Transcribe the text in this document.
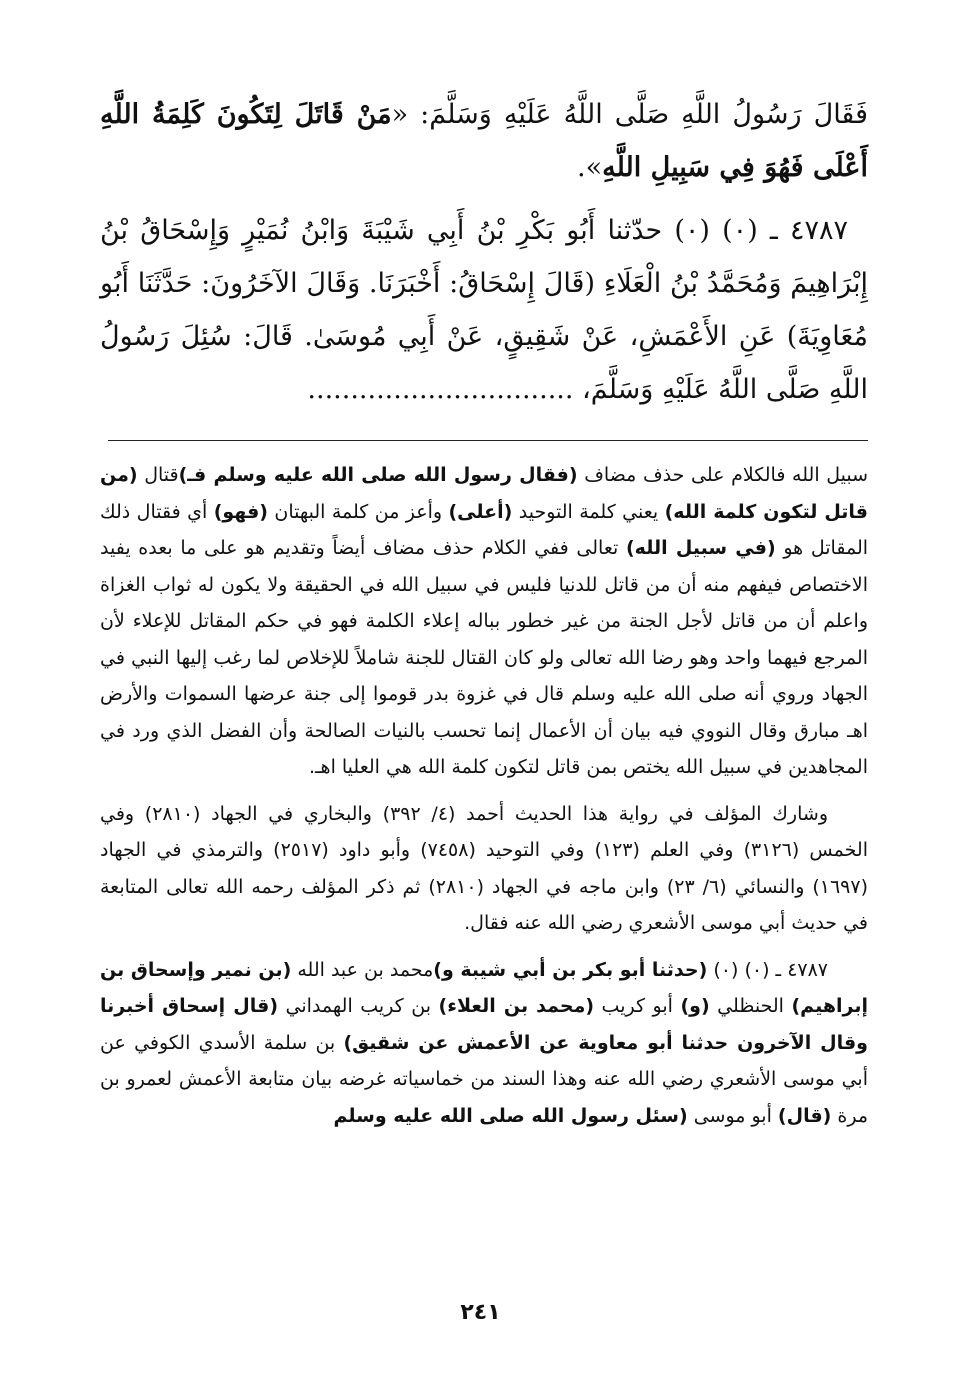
فَقَالَ رَسُولُ اللَّهِ صَلَّى اللَّهُ عَلَيْهِ وَسَلَّمَ: «مَنْ قَاتَلَ لِتَكُونَ كَلِمَةُ اللَّهِ أَعْلَى فَهُوَ فِي سَبِيلِ اللَّهِ».

٤٧٨٧ ـ (٠) (٠) حدّثنا أَبُو بَكْرِ بْنُ أَبِي شَيْبَةَ وَابْنُ نُمَيْرٍ وَإِسْحَاقُ بْنُ إِبْرَاهِيمَ وَمُحَمَّدُ بْنُ الْعَلَاءِ (قَالَ إِسْحَاقُ: أَخْبَرَنَا. وَقَالَ الآخَرُونَ: حَدَّثَنَا أَبُو مُعَاوِيَةَ) عَنِ الأَعْمَشِ، عَنْ شَقِيقٍ، عَنْ أَبِي مُوسَىٰ. قَالَ: سُئِلَ رَسُولُ اللَّهِ صَلَّى اللَّهُ عَلَيْهِ وَسَلَّمَ، ...............................

سبيل الله فالكلام على حذف مضاف (فقال رسول الله صلى الله عليه وسلم فـ)قتال (من قاتل لتكون كلمة الله) يعني كلمة التوحيد (أعلى) وأعز من كلمة البهتان (فهو) أي فقتال ذلك المقاتل هو (في سبيل الله) تعالى ففي الكلام حذف مضاف أيضاً وتقديم هو على ما بعده يفيد الاختصاص فيفهم منه أن من قاتل للدنيا فليس في سبيل الله في الحقيقة ولا يكون له ثواب الغزاة واعلم أن من قاتل لأجل الجنة من غير خطور بباله إعلاء الكلمة فهو في حكم المقاتل للإعلاء لأن المرجع فيهما واحد وهو رضا الله تعالى ولو كان القتال للجنة شاملاً للإخلاص لما رغب إليها النبي في الجهاد وروي أنه صلى الله عليه وسلم قال في غزوة بدر قوموا إلى جنة عرضها السموات والأرض اهـ مبارق وقال النووي فيه بيان أن الأعمال إنما تحسب بالنيات الصالحة وأن الفضل الذي ورد في المجاهدين في سبيل الله يختص بمن قاتل لتكون كلمة الله هي العليا اهـ.

وشارك المؤلف في رواية هذا الحديث أحمد (٤/ ٣٩٢) والبخاري في الجهاد (٢٨١٠) وفي الخمس (٣١٢٦) وفي العلم (١٢٣) وفي التوحيد (٧٤٥٨) وأبو داود (٢٥١٧) والترمذي في الجهاد (١٦٩٧) والنسائي (٦/ ٢٣) وابن ماجه في الجهاد (٢٨١٠) ثم ذكر المؤلف رحمه الله تعالى المتابعة في حديث أبي موسى الأشعري رضي الله عنه فقال.

٤٧٨٧ ـ (٠) (٠) (حدثنا أبو بكر بن أبي شيبة و)محمد بن عبد الله (بن نمير وإسحاق بن إبراهيم) الحنظلي (و) أبو كريب (محمد بن العلاء) بن كريب الهمداني (قال إسحاق أخبرنا وقال الآخرون حدثنا أبو معاوية عن الأعمش عن شقيق) بن سلمة الأسدي الكوفي عن أبي موسى الأشعري رضي الله عنه وهذا السند من خماسياته غرضه بيان متابعة الأعمش لعمرو بن مرة (قال) أبو موسى (سئل رسول الله صلى الله عليه وسلم

٢٤١
